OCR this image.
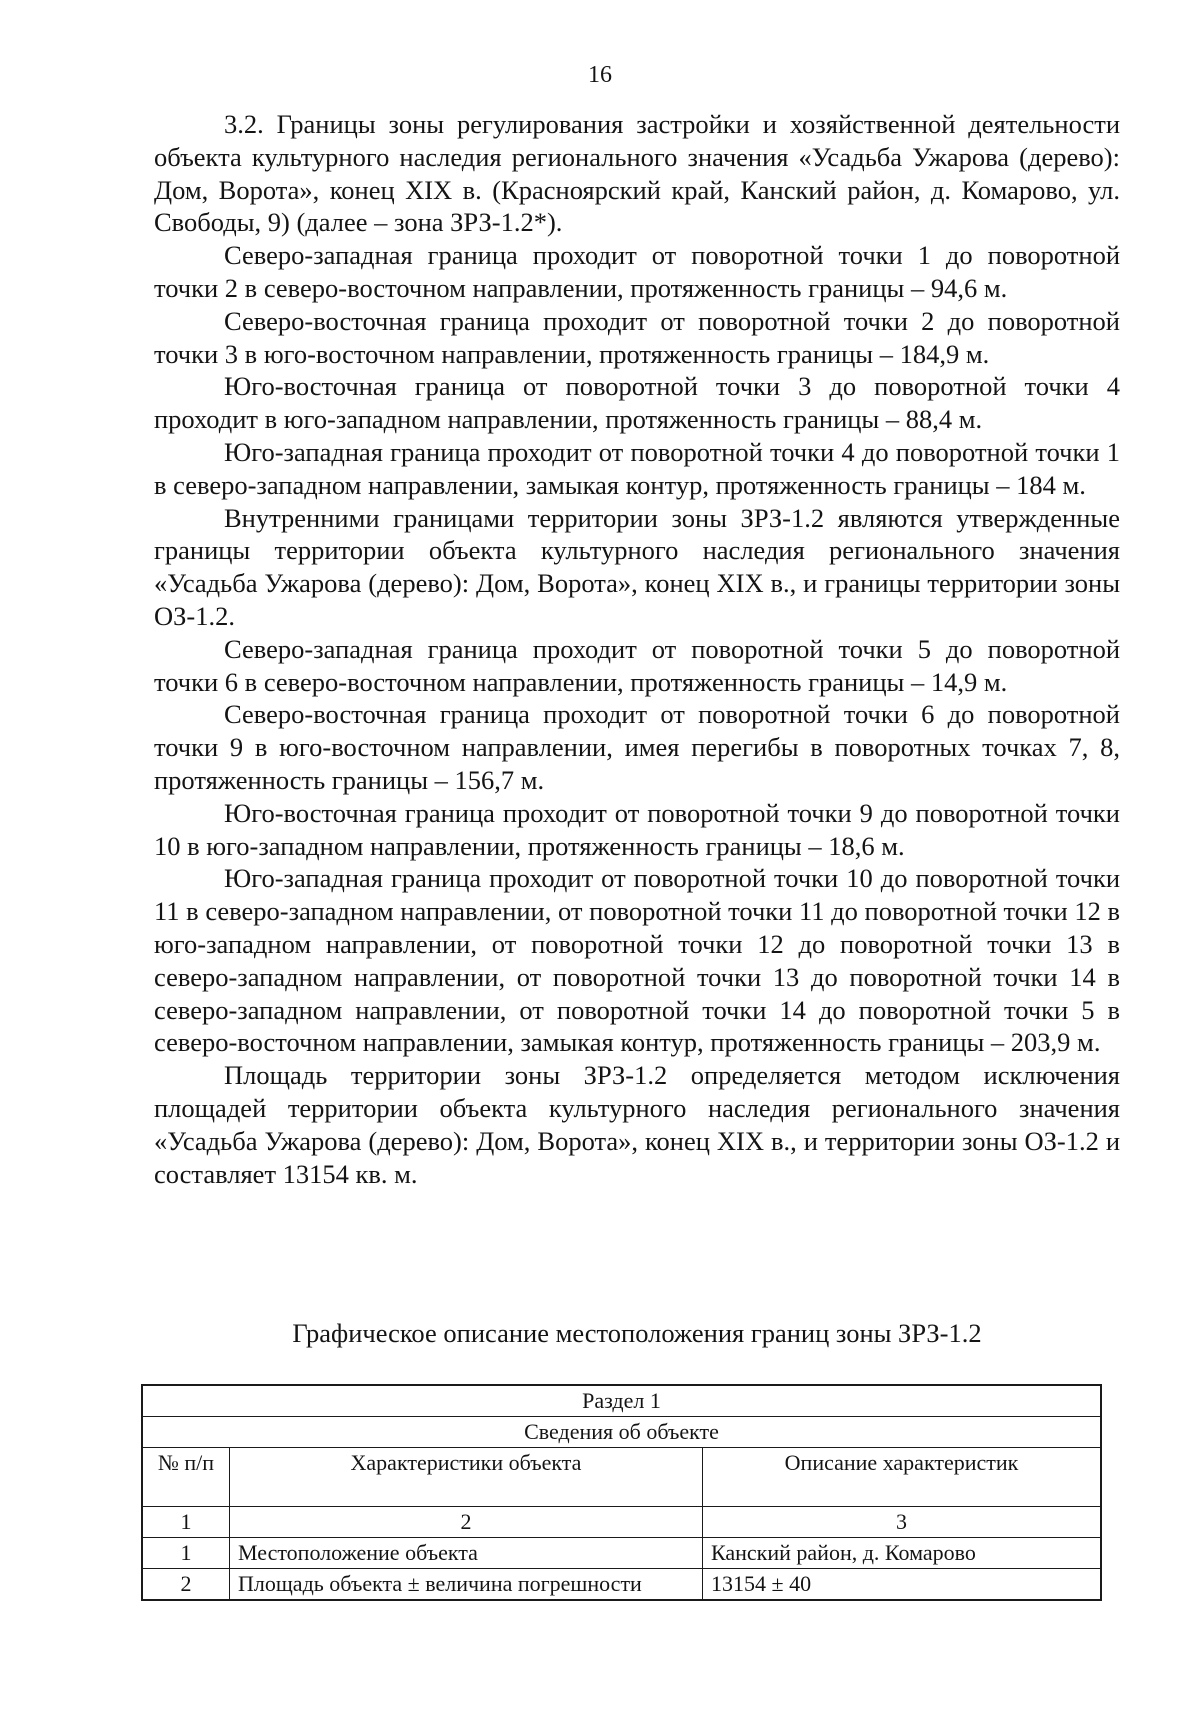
16

3.2. Границы зоны регулирования застройки и хозяйственной деятельности объекта культурного наследия регионального значения «Усадьба Ужарова (дерево): Дом, Ворота», конец XIX в. (Красноярский край, Канский район, д. Комарово, ул. Свободы, 9) (далее – зона ЗРЗ-1.2*).

Северо-западная граница проходит от поворотной точки 1 до поворотной точки 2 в северо-восточном направлении, протяженность границы – 94,6 м.

Северо-восточная граница проходит от поворотной точки 2 до поворотной точки 3 в юго-восточном направлении, протяженность границы – 184,9 м.

Юго-восточная граница от поворотной точки 3 до поворотной точки 4 проходит в юго-западном направлении, протяженность границы – 88,4 м.

Юго-западная граница проходит от поворотной точки 4 до поворотной точки 1 в северо-западном направлении, замыкая контур, протяженность границы – 184 м.

Внутренними границами территории зоны ЗРЗ-1.2 являются утвержденные границы территории объекта культурного наследия регионального значения «Усадьба Ужарова (дерево): Дом, Ворота», конец XIX в., и границы территории зоны ОЗ-1.2.

Северо-западная граница проходит от поворотной точки 5 до поворотной точки 6 в северо-восточном направлении, протяженность границы – 14,9 м.

Северо-восточная граница проходит от поворотной точки 6 до поворотной точки 9 в юго-восточном направлении, имея перегибы в поворотных точках 7, 8, протяженность границы – 156,7 м.

Юго-восточная граница проходит от поворотной точки 9 до поворотной точки 10 в юго-западном направлении, протяженность границы – 18,6 м.

Юго-западная граница проходит от поворотной точки 10 до поворотной точки 11 в северо-западном направлении, от поворотной точки 11 до поворотной точки 12 в юго-западном направлении, от поворотной точки 12 до поворотной точки 13 в северо-западном направлении, от поворотной точки 13 до поворотной точки 14 в северо-западном направлении, от поворотной точки 14 до поворотной точки 5 в северо-восточном направлении, замыкая контур, протяженность границы – 203,9 м.

Площадь территории зоны ЗРЗ-1.2 определяется методом исключения площадей территории объекта культурного наследия регионального значения «Усадьба Ужарова (дерево): Дом, Ворота», конец XIX в., и территории зоны ОЗ-1.2 и составляет 13154 кв. м.

Графическое описание местоположения границ зоны ЗРЗ-1.2
Раздел 1		
Сведения об объекте		
№ п/п	Характеристики объекта	Описание характеристик
1	2	3
1	Местоположение объекта	Канский район, д. Комарово
2	Площадь объекта ± величина погрешности	13154 ± 40
